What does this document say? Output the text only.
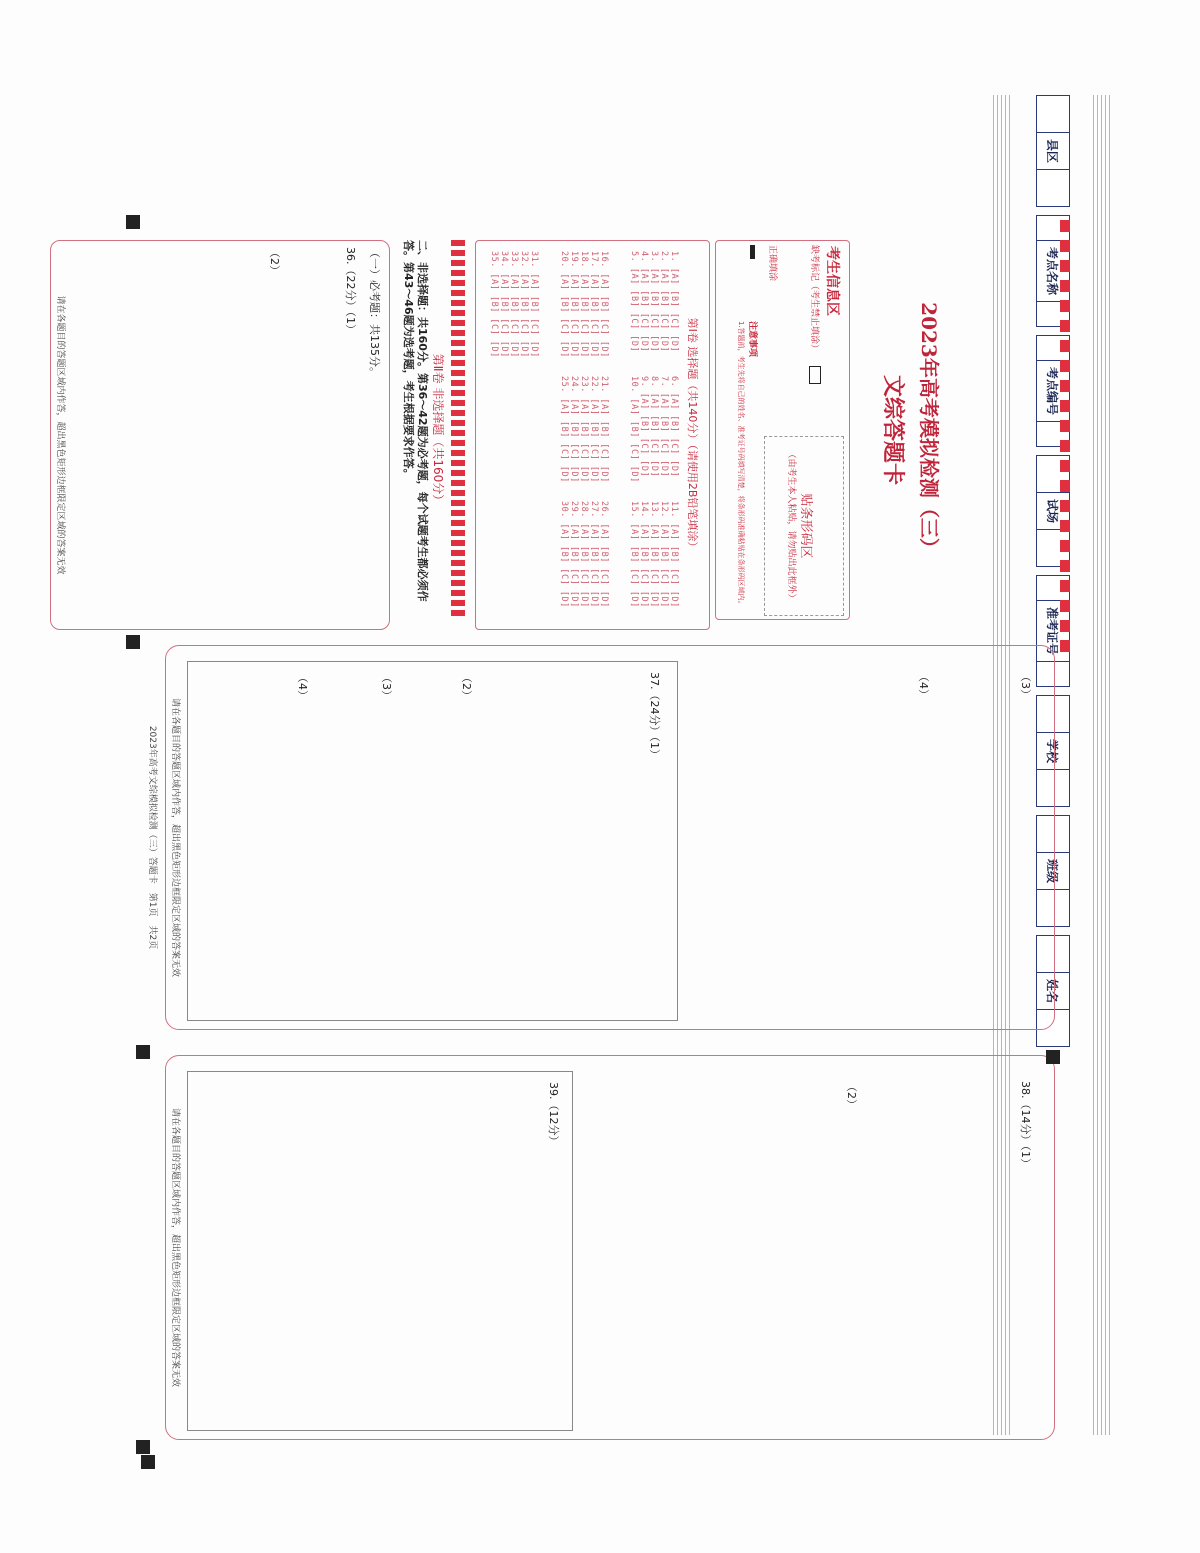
县区
考点名称
考点编号
试场
准考证号
学校
班级
姓名
2023年高考模拟检测（三）
文综答题卡
考生信息区
缺考标记（考生禁止填涂）
贴条形码区
（由考生本人粘贴，请勿贴出此框外）
正确填涂
注意事项
1.答题前，考生先将自己的姓名、准考证号码填写清楚，将条形码准确粘贴在条形码区域内。
第Ⅰ卷 选择题（共140分）（请使用2B铅笔填涂）
1. [A] [B] [C] [D]
2. [A] [B] [C] [D]
3. [A] [B] [C] [D]
4. [A] [B] [C] [D]
5. [A] [B] [C] [D]
6. [A] [B] [C] [D]
7. [A] [B] [C] [D]
8. [A] [B] [C] [D]
9. [A] [B] [C] [D]
10. [A] [B] [C] [D]
11. [A] [B] [C] [D]
12. [A] [B] [C] [D]
13. [A] [B] [C] [D]
14. [A] [B] [C] [D]
15. [A] [B] [C] [D]
16. [A] [B] [C] [D]
17. [A] [B] [C] [D]
18. [A] [B] [C] [D]
19. [A] [B] [C] [D]
20. [A] [B] [C] [D]
21. [A] [B] [C] [D]
22. [A] [B] [C] [D]
23. [A] [B] [C] [D]
24. [A] [B] [C] [D]
25. [A] [B] [C] [D]
26. [A] [B] [C] [D]
27. [A] [B] [C] [D]
28. [A] [B] [C] [D]
29. [A] [B] [C] [D]
30. [A] [B] [C] [D]
31. [A] [B] [C] [D]
32. [A] [B] [C] [D]
33. [A] [B] [C] [D]
34. [A] [B] [C] [D]
35. [A] [B] [C] [D]
第Ⅱ卷 非选择题（共160分）
二、非选择题：共160分。第36～42题为必考题，每个试题考生都必须作答。第43～46题为选考题，考生根据要求作答。
（一）必考题：共135分。
36.（22分）（1）
（2）
请在各题目的答题区域内作答，超出黑色矩形边框限定区域的答案无效
（3）
（4）
37.（24分）（1）
（2）
（3）
（4）
请在各题目的答题区域内作答，超出黑色矩形边框限定区域的答案无效
38.（14分）（1）
（2）
39.（12分）
请在各题目的答题区域内作答，超出黑色矩形边框限定区域的答案无效
2023年高考文综模拟检测（三）答题卡　第1页　共2页
